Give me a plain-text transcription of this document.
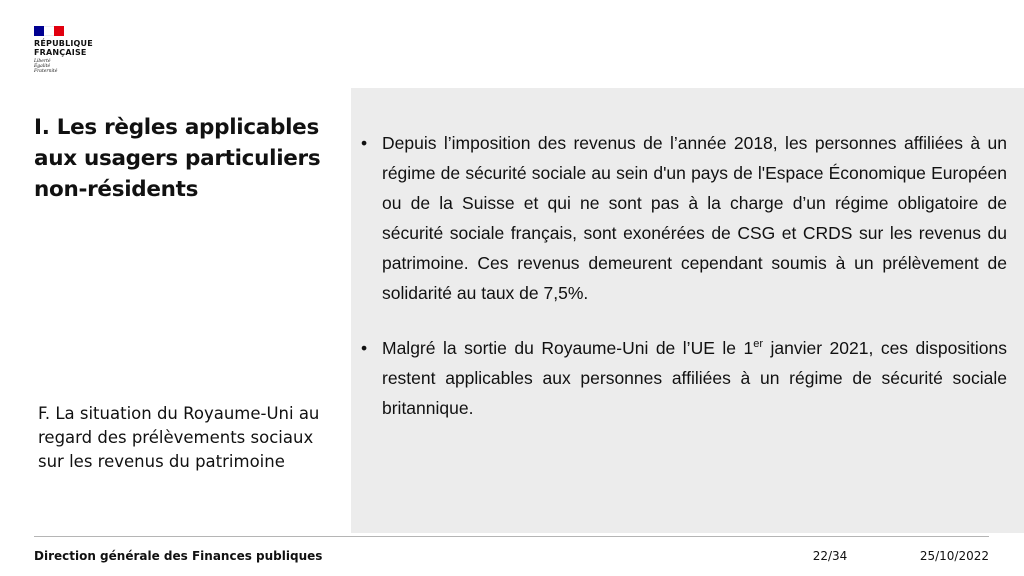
RÉPUBLIQUE
FRANÇAISE
Liberté
Égalité
Fraternité
I. Les règles applicables aux usagers particuliers non-résidents
F. La situation du Royaume-Uni au regard des prélèvements sociaux sur les revenus du patrimoine
• Depuis l’imposition des revenus de l’année 2018, les personnes affiliées à un régime de sécurité sociale au sein d'un pays de l'Espace Économique Européen ou de la Suisse et qui ne sont pas à la charge d’un régime obligatoire de sécurité sociale français, sont exonérées de CSG et CRDS sur les revenus du patrimoine. Ces revenus demeurent cependant soumis à un prélèvement de solidarité au taux de 7,5%.
• Malgré la sortie du Royaume-Uni de l’UE le 1er janvier 2021, ces dispositions restent applicables aux personnes affiliées à un régime de sécurité sociale britannique.
Direction générale des Finances publiques	22/34	25/10/2022
